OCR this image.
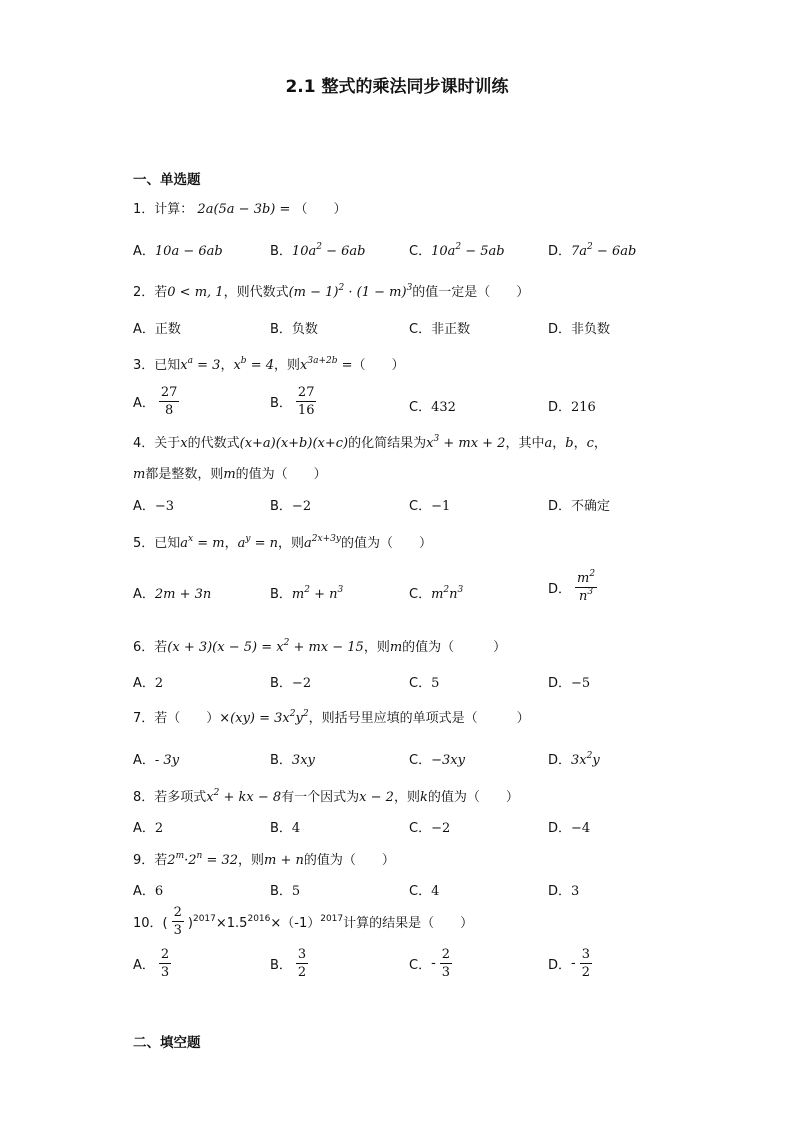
2.1 整式的乘法同步课时训练
一、单选题
1．计算： 2a(5a − 3b) = （　　）
A．10a − 6ab	B．$10a^2 - 6ab$	C．$10a^2 - 5ab$	D．$7a^2 - 6ab$
2．若0 < m, 1，则代数式$(m - 1)^2 \cdot (1 - m)^3$的值一定是（　　）
A．正数	B．负数	C．非正数	D．非负数
3．已知$x^a = 3$，$x^b = 4$，则$x^{3a+2b}$ =（　　）
A． $\frac{27}{8}$	B． $\frac{27}{16}$	C．432	D．216
4．关于x的代数式(x+a)(x+b)(x+c)的化简结果为$x^3$ + mx + 2，其中a，b，c，
m都是整数，则m的值为（　　）
A．−3	B．−2	C．−1	D．不确定
5．已知$a^x = m$，$a^y = n$，则$a^{2x+3y}$的值为（　　）
A．2m + 3n	B．$m^2 + n^3$	C．$m^2n^3$	D． $\frac{m^2}{n^3}$
6．若$(x + 3)(x - 5) = x^2$ + mx − 15，则m的值为（　　　）
A．2	B．−2	C．5	D．−5
7．若（　　）$\times(xy) = 3x^2y^2$，则括号里应填的单项式是（　　　）
A．- 3y	B．3xy	C．−3xy	D．$3x^2y$
8．若多项式$x^2$ + kx − 8有一个因式为x − 2，则k的值为（　　）
A．2	B．4	C．−2	D．−4
9．若$2^m\cdot 2^n = 32$，则m + n的值为（　　）
A．6	B．5	C．4	D．3
10．( $\frac{2}{3} )^{2017}\times 1.5^{2016}\times(-1)^{2017}$计算的结果是（　　）
A． $\frac{2}{3}$	B． $\frac{3}{2}$	C．- $\frac{2}{3}$	D．- $\frac{3}{2}$
二、填空题
